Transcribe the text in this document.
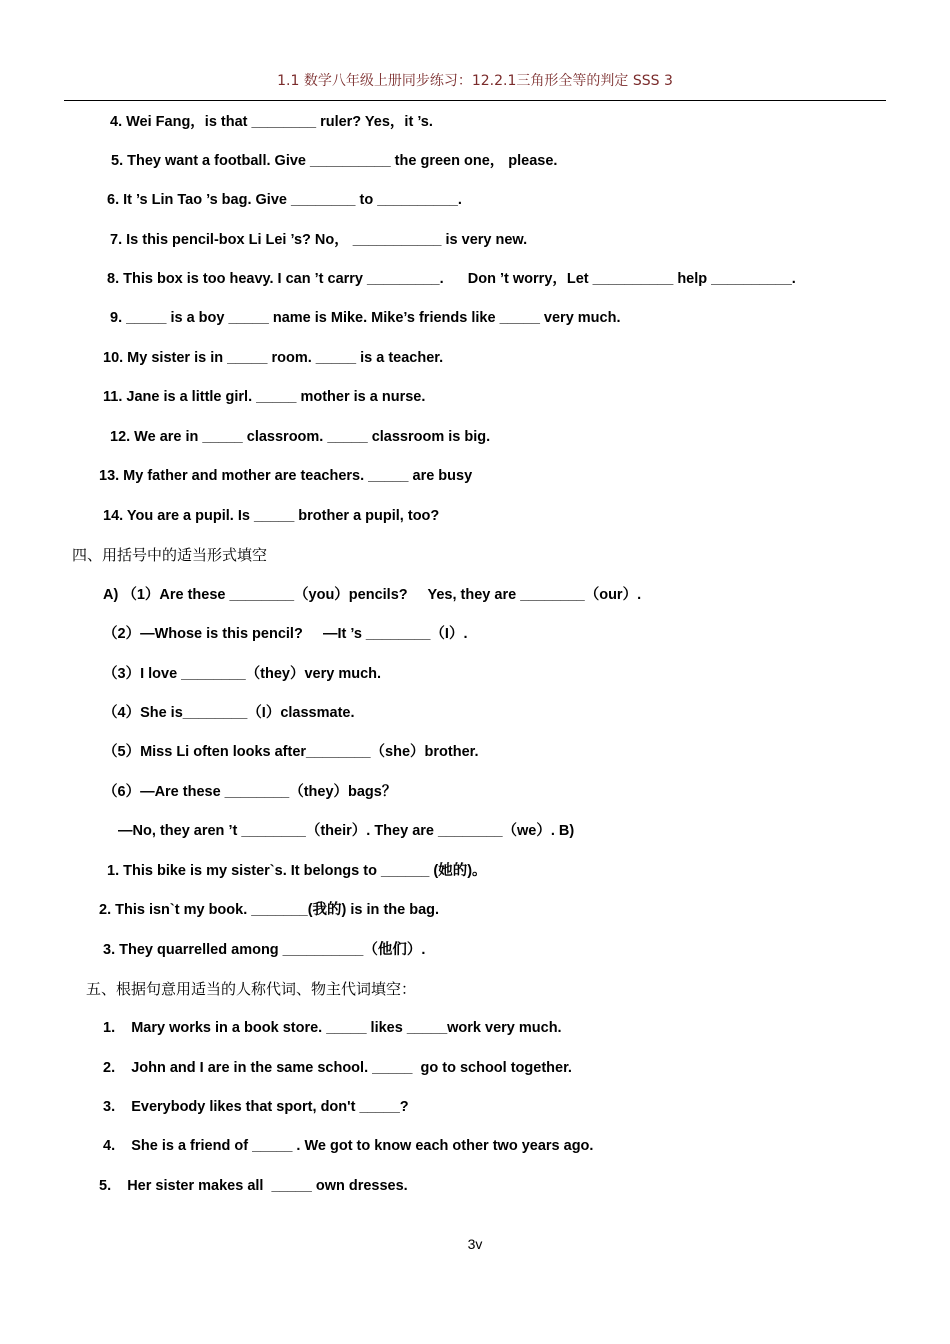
1.1 数学八年级上册同步练习：12.2.1三角形全等的判定 SSS 3
4. Wei Fang，is that ________ ruler? Yes，it ’s.
5. They want a football. Give __________ the green one， please.
6. It ’s Lin Tao ’s bag. Give ________ to __________.
7. Is this pencil-box Li Lei ’s? No， ___________ is very new.
8. This box is too heavy. I can ’t carry _________.      Don ’t worry，Let __________ help __________.
9. _____ is a boy _____ name is Mike. Mike’s friends like _____ very much.
10. My sister is in _____ room. _____ is a teacher.
11. Jane is a little girl. _____ mother is a nurse.
12. We are in _____ classroom. _____ classroom is big.
13. My father and mother are teachers. _____ are busy
14. You are a pupil. Is _____ brother a pupil, too?
四、用括号中的适当形式填空
A) （1）Are these ________（you）pencils?     Yes, they are ________（our）.
（2）—Whose is this pencil?     —It ’s ________（I）.
（3）I love ________（they）very much.
（4）She is________（I）classmate.
（5）Miss Li often looks after________（she）brother.
（6）—Are these ________（they）bags？
—No, they aren ’t ________（their）. They are ________（we）. B)
1. This bike is my sister`s. It belongs to ______ (她的)。
2. This isn`t my book. _______(我的) is in the bag.
3. They quarrelled among __________（他们）.
五、根据句意用适当的人称代词、物主代词填空：
1.    Mary works in a book store. _____ likes _____work very much.
2.    John and I are in the same school. _____  go to school together.
3.    Everybody likes that sport, don't _____?
4.    She is a friend of _____ . We got to know each other two years ago.
5.    Her sister makes all  _____ own dresses.
3v
